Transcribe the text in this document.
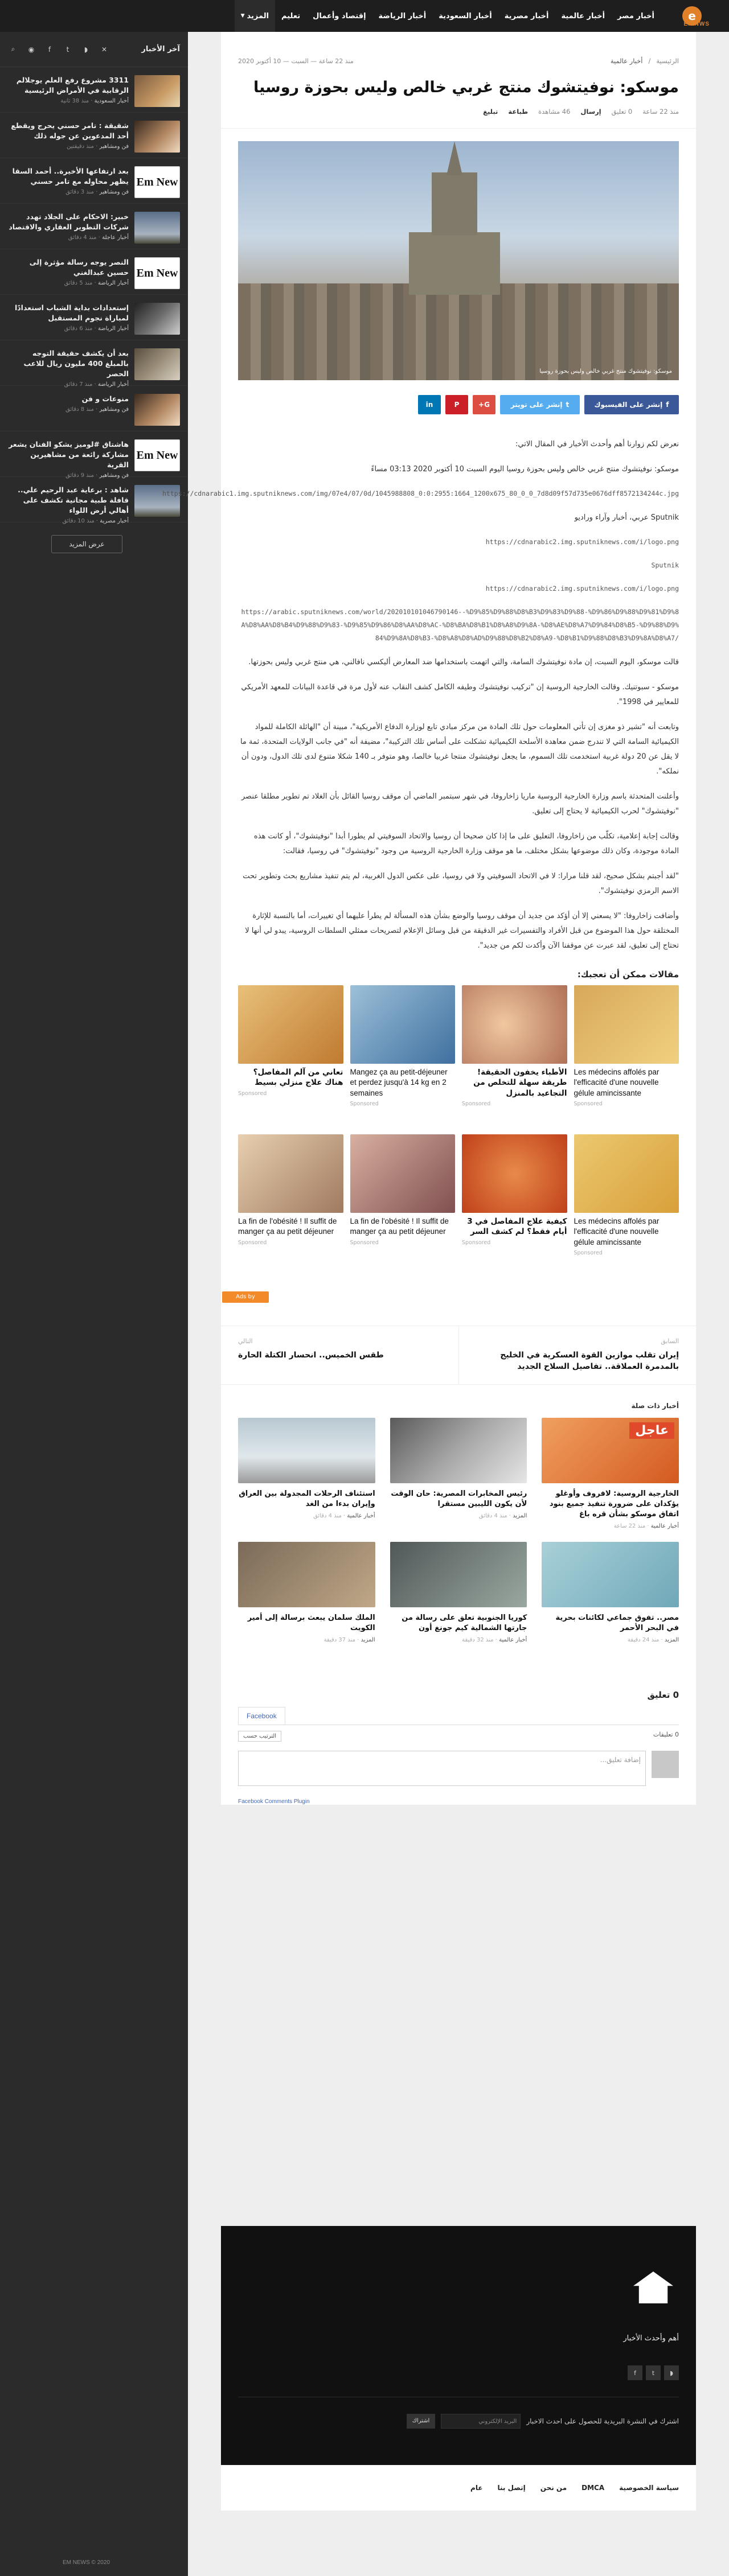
e
EIENWS
أخبار مصر
أخبار عالمية
أخبار مصرية
أخبار السعودية
أخبار الرياضة
إقتصاد وأعمال
تعليم
المزيد
▼
آخر الأخبار
⌕	◉	f	t	◗	✕
3311 مشروع رفع العلم يوجلالم الرقابية في الأمراض الرئيسية
أخبار السعودية · منذ 38 ثانية
شقيقة : تامر حسني يحرج ويقطع أحد المدعوين عن جوله ذلك
فن ومشاهير · منذ دقيقتين
Em New
بعد ارتفاعها الأخيرة.. أحمد السقا يظهر محاوله مع تامر حسني
فن ومشاهير · منذ 3 دقائق
خبير: الاحكام على الجلاد تهدد شركات التطوير العقاري والاقتصاد
أخبار عاجلة · منذ 4 دقائق
Em New
النصر يوجه رسالة مؤثرة إلى حسين عبدالغني
أخبار الرياضة · منذ 5 دقائق
إستعدادات بداية الشباب استعدادًا لمباراة نجوم المستقبل
أخبار الرياضة · منذ 6 دقائق
بعد أن يكشف حقيقة التوجه بالمبلغ 400 مليون ريال للاعب الحصر
أخبار الرياضة · منذ 7 دقائق
منوعات و فن
فن ومشاهير · منذ 8 دقائق
Em New
هاشتاق #لوميز يشكو الفنان يشعر مشاركة رائعة من مشاهيرين القرية
فن ومشاهير · منذ 9 دقائق
شاهد : برعاية عبد الرحيم علي.. قافلة طبية مجانية تكشف على أهالي أرض اللواء
أخبار مصرية · منذ 10 دقائق
عرض المزيد
EM NEWS © 2020
الرئيسية
/
أخبار عالمية
منذ 22 ساعة — السبت — 10 أكتوبر 2020
موسكو: نوفيتشوك منتج غربي خالص وليس بحوزة روسيا
منذ 22 ساعة
0 تعليق
إرسال
46 مشاهدة
طباعة
تبليغ
موسكو: نوفيتشوك منتج غربي خالص وليس بحوزة روسيا
f
إنشر على الفيسبوك
t
إنشر على تويتر
G+
P
in

نعرض لكم زوارنا أهم وأحدث الأخبار في المقال الاتي:

موسكو: نوفيتشوك منتج غربي خالص وليس بحوزة روسيا اليوم السبت 10 أكتوبر 2020 03:13 مساءً

https://cdnarabic1.img.sputniknews.com/img/07e4/07/0d/1045988808_0:0:2955:1664_1200x675_80_0_0_7d8d09f57d735e0676dff8572134244c.jpg

Sputnik عربي، أخبار وآراء وراديو

https://cdnarabic2.img.sputniknews.com/i/logo.png

Sputnik

https://cdnarabic2.img.sputniknews.com/i/logo.png

https://arabic.sputniknews.com/world/202010101046790146--%D9%85%D9%88%D8%B3%D9%83%D9%88-%D9%86%D9%88%D9%81%D9%8A%D8%AA%D8%B4%D9%88%D9%83-%D9%85%D9%86%D8%AA%D8%AC-%D8%BA%D8%B1%D8%A8%D9%8A-%D8%AE%D8%A7%D9%84%D8%B5-%D9%88%D9%84%D9%8A%D8%B3-%D8%A8%D8%AD%D9%88%D8%B2%D8%A9-%D8%B1%D9%88%D8%B3%D9%8A%D8%A7/

قالت موسكو، اليوم السبت، إن مادة نوفيتشوك السامة، والتي اتهمت باستخدامها ضد المعارض أليكسي نافالني، هي منتج غربي وليس بحوزتها.

موسكو - سبوتنيك. وقالت الخارجية الروسية إن "تركيب نوفيتشوك وطيفه الكامل كشف النقاب عنه لأول مرة في قاعدة البيانات للمعهد الأمريكي للمعايير في 1998".

وتابعت أنه "تشير ذو مغزى إن تأتي المعلومات حول تلك المادة من مركز مبادي تابع لوزارة الدفاع الأمريكية"، مبينة أن "الهائلة الكاملة للمواد الكيميائية السامة التي لا تندرج ضمن معاهدة الأسلحة الكيميائية تشكلت على أساس تلك التركيبة"، مضيفة أنه "في جانب الولايات المتحدة، ثمة ما لا يقل عن 20 دولة غربية استخدمت تلك السموم، ما يجعل نوفيتشوك منتجا غربيا خالصا، وهو متوفر بـ 140 شكلا متنوع لدى تلك الدول، ودون أن نملكه".

وأعلنت المتحدثة باسم وزارة الخارجية الروسية ماريا زاخاروفا، في شهر سبتمبر الماضي أن موقف روسيا القائل بأن الغلاد تم تطوير مطلقا عنصر "نوفيتشوك" لحرب الكيميائية لا يحتاج إلى تعليق.

وقالت إجابة إعلامية، تكلّب من زاخاروفا، التعليق على ما إذا كان صحيحا أن روسيا والاتحاد السوفيتي لم يطورا أبدا "نوفيتشوك"، أو كانت هذه المادة موجودة، وكان ذلك موضوعها بشكل مختلف، ما هو موقف وزارة الخارجية الروسية من وجود "نوفيتشوك" في روسيا، فقالت:

"لقد أجبتم بشكل صحيح، لقد قلنا مرارا: لا في الاتحاد السوفيتي ولا في روسيا، على عكس الدول الغربية، لم يتم تنفيذ مشاريع بحث وتطوير تحت الاسم الرمزي نوفيتشوك".

وأضافت زاخاروفا: "لا يسعني إلا أن أؤكد من جديد أن موقف روسيا والوضع بشأن هذه المسألة لم يطرأ عليهما أي تغييرات، أما بالنسبة للإثارة المختلقة حول هذا الموضوع من قبل الأفراد والتفسيرات غير الدقيقة من قبل وسائل الإعلام لتصريحات ممثلي السلطات الروسية، يبدو لي أنها لا تحتاج إلى تعليق، لقد عبرت عن موقفنا الآن وأكدت لكم من جديد".

مقالات ممكن أن تعجبك:
Les médecins affolés par l'efficacité d'une nouvelle gélule amincissante
Sponsored
الأطباء يخفون الحقيقة! طريقة سهلة للتخلص من التجاعيد بالمنزل
Sponsored
Mangez ça au petit-déjeuner et perdez jusqu'à 14 kg en 2 semaines
Sponsored
تعاني من آلم المفاصل؟ هناك علاج منزلي بسيط
Sponsored
Les médecins affolés par l'efficacité d'une nouvelle gélule amincissante
Sponsored
كيفية علاج المفاصل في 3 أيام فقط؟ لم كشف السر
Sponsored
La fin de l'obésité ! Il suffit de manger ça au petit déjeuner
Sponsored
La fin de l'obésité ! Il suffit de manger ça au petit déjeuner
Sponsored
Ads by
السابق
إيران تقلب موازين القوة العسكرية في الخليج بالمدمرة العملاقة.. تفاصيل السلاح الجديد
التالي
طقس الخميس.. انحسار الكتلة الحارة
أخبار ذات صلة
عاجل
الخارجية الروسية: لافروف وأوغلو يؤكدان على ضرورة تنفيذ جميع بنود اتفاق موسكو بشأن قره باغ
أخبار عالمية · منذ 22 ساعة
رئيس المخابرات المصرية: حان الوقت لأن يكون الليبين مستقرا
المزيد · منذ 4 دقائق
استئناف الرحلات المجدولة بين العراق وإيران بدءا من الغد
أخبار عالمية · منذ 4 دقائق
مصر.. تفوق جماعي لكائنات بحرية في البحر الأحمر
المزيد · منذ 24 دقيقة
كوريا الجنوبية تعلق على رسالة من جارتها الشمالية كيم جونغ أون
أخبار عالمية · منذ 32 دقيقة
الملك سلمان يبعث برسالة إلى أمير الكويت
المزيد · منذ 37 دقيقة
0 تعليق
Facebook
0 تعليقات
الترتيب حسب
إضافة تعليق...
Facebook Comments Plugin
أهم وأحدث الأخبار
◗
t
f
اشترك في النشرة البريدية للحصول على احدث الاخبار
البريد الإلكتروني
اشتراك
سياسة الخصوصية
DMCA
من نحن
إتصل بنا
عام
